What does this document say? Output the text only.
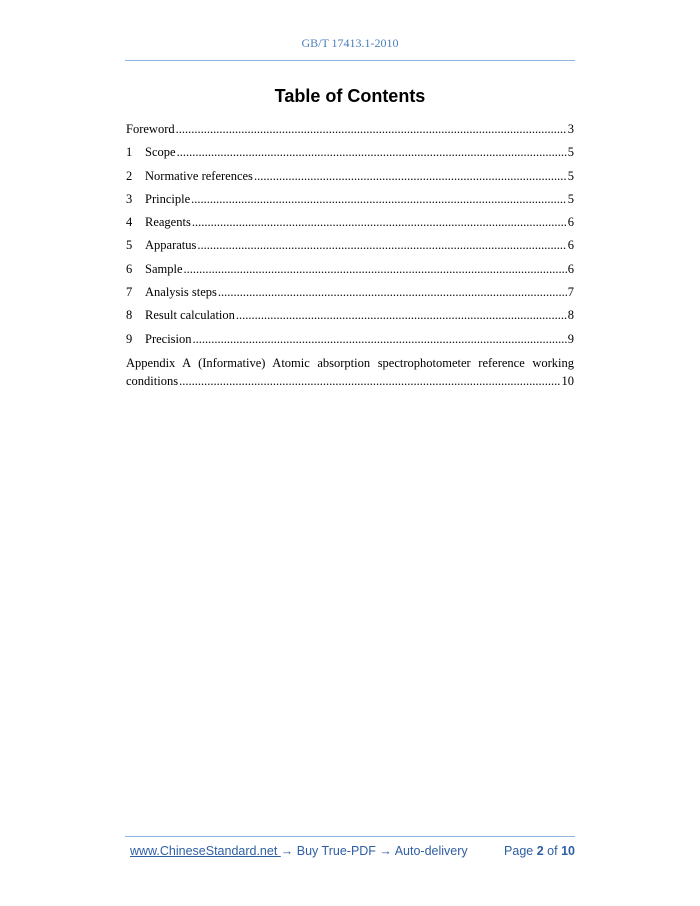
GB/T 17413.1-2010
Table of Contents
Foreword .....	3
1	Scope .....	5
2	Normative references .....	5
3	Principle .....	5
4	Reagents .....	6
5	Apparatus .....	6
6	Sample .....	6
7	Analysis steps .....	7
8	Result calculation .....	8
9	Precision .....	9
Appendix A (Informative) Atomic absorption spectrophotometer reference working
conditions .....	10
www.ChineseStandard.net → Buy True-PDF → Auto-delivery	Page 2 of 10
